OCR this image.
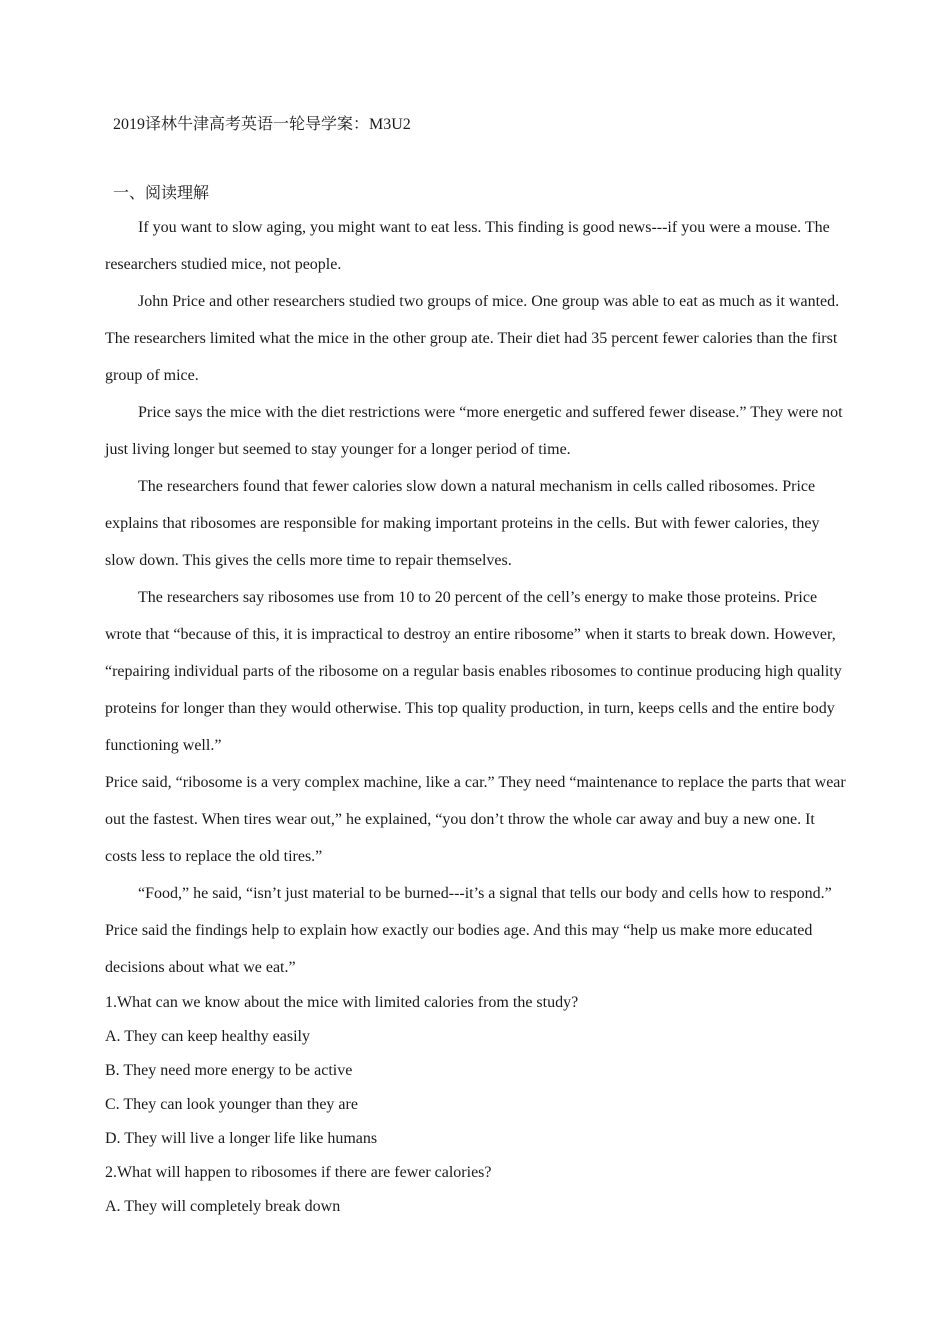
2019译林牛津高考英语一轮导学案：M3U2
一、阅读理解

If you want to slow aging, you might want to eat less. This finding is good news---if you were a mouse. The researchers studied mice, not people.

John Price and other researchers studied two groups of mice. One group was able to eat as much as it wanted. The researchers limited what the mice in the other group ate. Their diet had 35 percent fewer calories than the first group of mice.

Price says the mice with the diet restrictions were “more energetic and suffered fewer disease.” They were not just living longer but seemed to stay younger for a longer period of time.

The researchers found that fewer calories slow down a natural mechanism in cells called ribosomes. Price explains that ribosomes are responsible for making important proteins in the cells. But with fewer calories, they slow down. This gives the cells more time to repair themselves.

The researchers say ribosomes use from 10 to 20 percent of the cell’s energy to make those proteins. Price wrote that “because of this, it is impractical to destroy an entire ribosome” when it starts to break down. However, “repairing individual parts of the ribosome on a regular basis enables ribosomes to continue producing high quality proteins for longer than they would otherwise. This top quality production, in turn, keeps cells and the entire body functioning well.”

Price said, “ribosome is a very complex machine, like a car.” They need “maintenance to replace the parts that wear out the fastest. When tires wear out,” he explained, “you don’t throw the whole car away and buy a new one. It costs less to replace the old tires.”

“Food,” he said, “isn’t just material to be burned---it’s a signal that tells our body and cells how to respond.” Price said the findings help to explain how exactly our bodies age. And this may “help us make more educated decisions about what we eat.”

1.What can we know about the mice with limited calories from the study?

A. They can keep healthy easily

B. They need more energy to be active

C. They can look younger than they are

D. They will live a longer life like humans

2.What will happen to ribosomes if there are fewer calories?

A. They will completely break down
